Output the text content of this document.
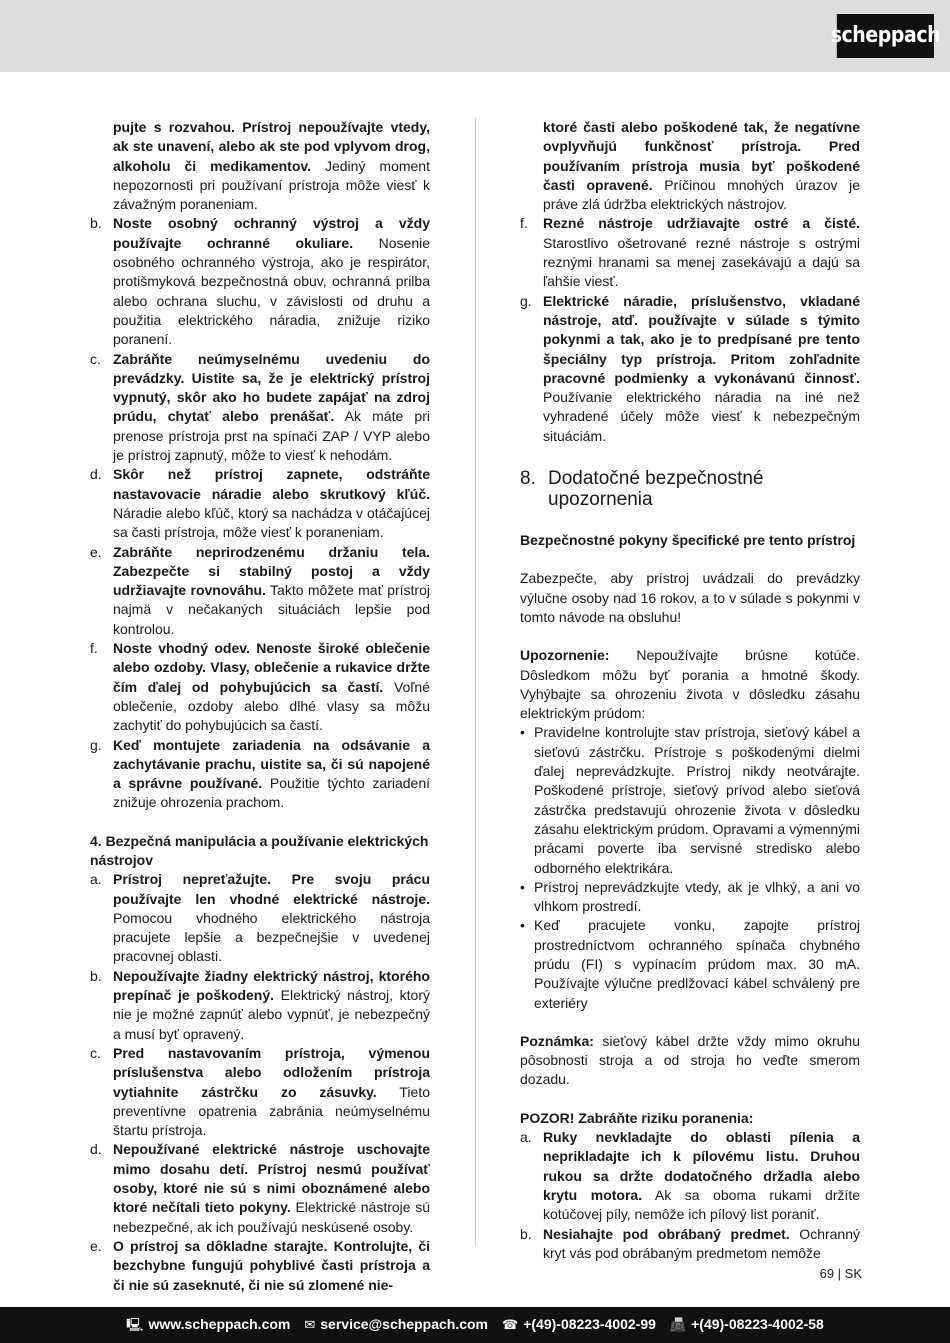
scheppach

pujte s rozvahou. Prístroj nepoužívajte vtedy, ak ste unavení, alebo ak ste pod vplyvom drog, alkoholu či medikamentov. Jediný moment nepozornosti pri používaní prístroja môže viesť k závažným poraneniam.

b. Noste osobný ochranný výstroj a vždy používajte ochranné okuliare. Nosenie osobného ochranného výstroja, ako je respirátor, protišmyková bezpečnostná obuv, ochranná prilba alebo ochrana sluchu, v závislosti od druhu a použitia elektrického náradia, znižuje riziko poranení.
c. Zabráňte neúmyselnému uvedeniu do prevádzky. Uistite sa, že je elektrický prístroj vypnutý, skôr ako ho budete zapájať na zdroj prúdu, chytať alebo prenášať. Ak máte pri prenose prístroja prst na spínači ZAP / VYP alebo je prístroj zapnutý, môže to viesť k nehodám.
d. Skôr než prístroj zapnete, odstráňte nastavovacie náradie alebo skrutkový kľúč. Náradie alebo kľúč, ktorý sa nachádza v otáčajúcej sa časti prístroja, môže viesť k poraneniam.
e. Zabráňte neprirodzenému držaniu tela. Zabezpečte si stabilný postoj a vždy udržiavajte rovnováhu. Takto môžete mať prístroj najmä v nečakaných situáciách lepšie pod kontrolou.
f. Noste vhodný odev. Nenoste široké oblečenie alebo ozdoby. Vlasy, oblečenie a rukavice držte čím ďalej od pohybujúcich sa častí. Voľné oblečenie, ozdoby alebo dlhé vlasy sa môžu zachytiť do pohybujúcich sa častí.
g. Keď montujete zariadenia na odsávanie a zachytávanie prachu, uistite sa, či sú napojené a správne používané. Použitie týchto zariadení znižuje ohrozenia prachom.

4. Bezpečná manipulácia a používanie elektrických nástrojov

a. Prístroj nepreťažujte. Pre svoju prácu používajte len vhodné elektrické nástroje. Pomocou vhodného elektrického nástroja pracujete lepšie a bezpečnejšie v uvedenej pracovnej oblasti.
b. Nepoužívajte žiadny elektrický nástroj, ktorého prepínač je poškodený. Elektrický nástroj, ktorý nie je možné zapnúť alebo vypnúť, je nebezpečný a musí byť opravený.
c. Pred nastavovaním prístroja, výmenou príslušenstva alebo odložením prístroja vytiahnite zástrčku zo zásuvky. Tieto preventívne opatrenia zabránia neúmyselnému štartu prístroja.
d. Nepoužívané elektrické nástroje uschovajte mimo dosahu detí. Prístroj nesmú používať osoby, ktoré nie sú s nimi oboznámené alebo ktoré nečítali tieto pokyny. Elektrické nástroje sú nebezpečné, ak ich používajú neskúsené osoby.
e. O prístroj sa dôkladne starajte. Kontrolujte, či bezchybne fungujú pohyblivé časti prístroja a či nie sú zaseknuté, či nie sú zlomené nie-

ktoré časti alebo poškodené tak, že negatívne ovplyvňujú funkčnosť prístroja. Pred používaním prístroja musia byť poškodené časti opravené. Príčinou mnohých úrazov je práve zlá údržba elektrických nástrojov.

f. Rezné nástroje udržiavajte ostré a čisté. Starostlivo ošetrované rezné nástroje s ostrými reznými hranami sa menej zasekávajú a dajú sa ľahšie viesť.
g. Elektrické náradie, príslušenstvo, vkladané nástroje, atď. používajte v súlade s týmito pokynmi a tak, ako je to predpísané pre tento špeciálny typ prístroja. Pritom zohľadnite pracovné podmienky a vykonávanú činnosť. Používanie elektrického náradia na iné než vyhradené účely môže viesť k nebezpečným situáciám.
8. Dodatočné bezpečnostné upozornenia

Bezpečnostné pokyny špecifické pre tento prístroj

Zabezpečte, aby prístroj uvádzali do prevádzky výlučne osoby nad 16 rokov, a to v súlade s pokynmi v tomto návode na obsluhu!

Upozornenie: Nepoužívajte brúsne kotúče. Dôsledkom môžu byť porania a hmotné škody. Vyhýbajte sa ohrozeniu života v dôsledku zásahu elektrickým prúdom:

• Pravidelne kontrolujte stav prístroja, sieťový kábel a sieťovú zástrčku. Prístroje s poškodenými dielmi ďalej neprevádzkujte. Prístroj nikdy neotvárajte. Poškodené prístroje, sieťový prívod alebo sieťová zástrčka predstavujú ohrozenie života v dôsledku zásahu elektrickým prúdom. Opravami a výmennými prácami poverte iba servisné stredisko alebo odborného elektrikára.
• Prístroj neprevádzkujte vtedy, ak je vlhký, a ani vo vlhkom prostredí.
• Keď pracujete vonku, zapojte prístroj prostredníctvom ochranného spínača chybného prúdu (FI) s vypínacím prúdom max. 30 mA. Používajte výlučne predlžovací kábel schválený pre exteriéry

Poznámka: sieťový kábel držte vždy mimo okruhu pôsobnosti stroja a od stroja ho veďte smerom dozadu.

POZOR! Zabráňte riziku poranenia:

a. Ruky nevkladajte do oblasti pílenia a neprikladajte ich k pílovému listu. Druhou rukou sa držte dodatočného držadla alebo krytu motora. Ak sa oboma rukami držíte kotúčovej píly, nemôže ich pílový list poraniť.
b. Nesiahajte pod obrábaný predmet. Ochranný kryt vás pod obrábaným predmetom nemôže
69 | SK
🖳 www.scheppach.com ✉ service@scheppach.com ☎ +(49)-08223-4002-99 📠 +(49)-08223-4002-58
